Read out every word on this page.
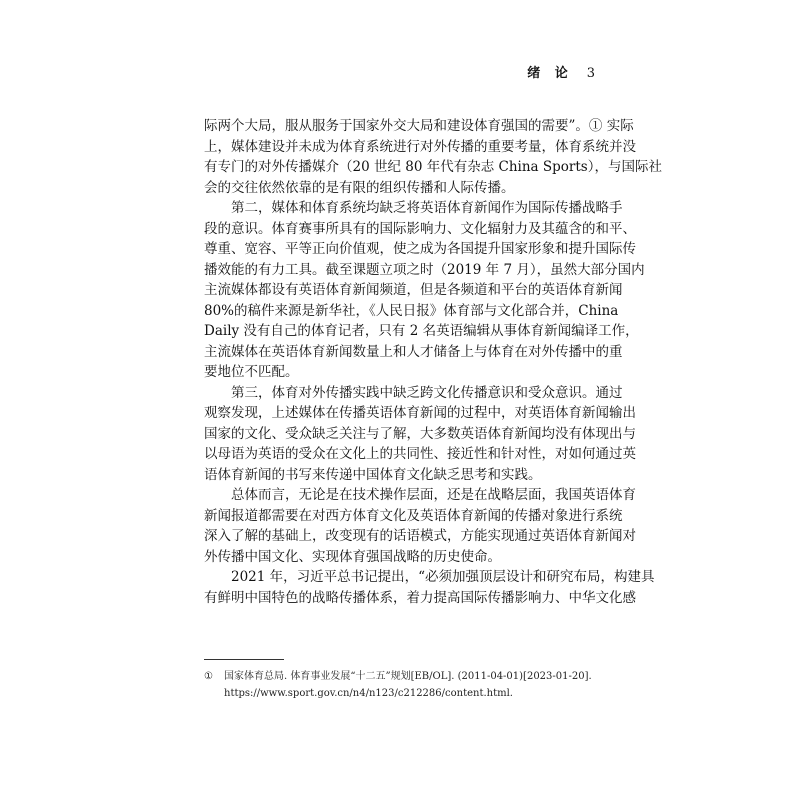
绪 论 3
际两个大局，服从服务于国家外交大局和建设体育强国的需要”。① 实际
上，媒体建设并未成为体育系统进行对外传播的重要考量，体育系统并没
有专门的对外传播媒介（20 世纪 80 年代有杂志 China Sports），与国际社
会的交往依然依靠的是有限的组织传播和人际传播。
第二，媒体和体育系统均缺乏将英语体育新闻作为国际传播战略手
段的意识。体育赛事所具有的国际影响力、文化辐射力及其蕴含的和平、
尊重、宽容、平等正向价值观，使之成为各国提升国家形象和提升国际传
播效能的有力工具。截至课题立项之时（2019 年 7 月），虽然大部分国内
主流媒体都设有英语体育新闻频道，但是各频道和平台的英语体育新闻
80%的稿件来源是新华社，《人民日报》体育部与文化部合并，China
Daily 没有自己的体育记者，只有 2 名英语编辑从事体育新闻编译工作，
主流媒体在英语体育新闻数量上和人才储备上与体育在对外传播中的重
要地位不匹配。
第三，体育对外传播实践中缺乏跨文化传播意识和受众意识。通过
观察发现，上述媒体在传播英语体育新闻的过程中，对英语体育新闻输出
国家的文化、受众缺乏关注与了解，大多数英语体育新闻均没有体现出与
以母语为英语的受众在文化上的共同性、接近性和针对性，对如何通过英
语体育新闻的书写来传递中国体育文化缺乏思考和实践。
总体而言，无论是在技术操作层面，还是在战略层面，我国英语体育
新闻报道都需要在对西方体育文化及英语体育新闻的传播对象进行系统
深入了解的基础上，改变现有的话语模式，方能实现通过英语体育新闻对
外传播中国文化、实现体育强国战略的历史使命。
2021 年，习近平总书记提出，“必须加强顶层设计和研究布局，构建具
有鲜明中国特色的战略传播体系，着力提高国际传播影响力、中华文化感
①	国家体育总局. 体育事业发展“十二五”规划[EB/OL]. (2011-04-01)[2023-01-20].
https://www.sport.gov.cn/n4/n123/c212286/content.html.
